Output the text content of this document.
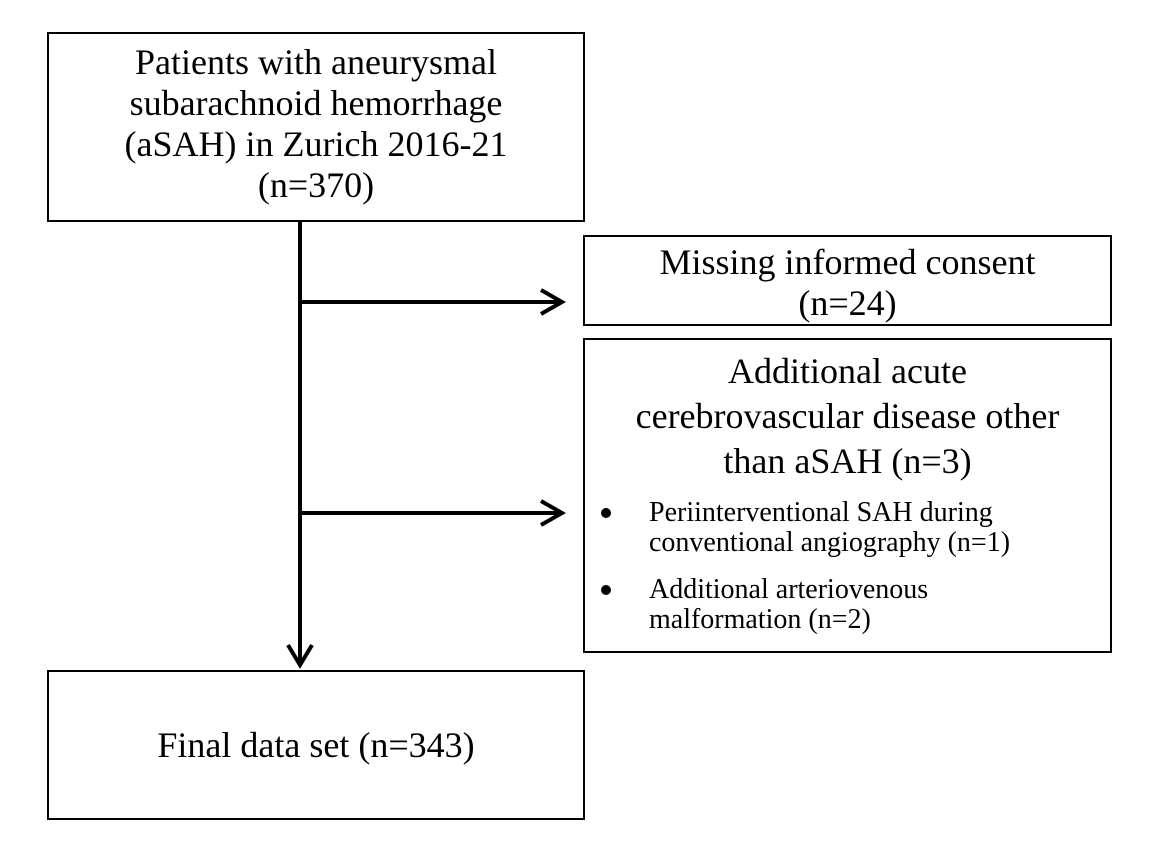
Patients with aneurysmal
subarachnoid hemorrhage
(aSAH) in Zurich 2016-21
(n=370)
Missing informed consent
(n=24)
Additional acute
cerebrovascular disease other
than aSAH (n=3)
Periinterventional SAH during
conventional angiography (n=1)
Additional arteriovenous
malformation (n=2)
Final data set (n=343)
